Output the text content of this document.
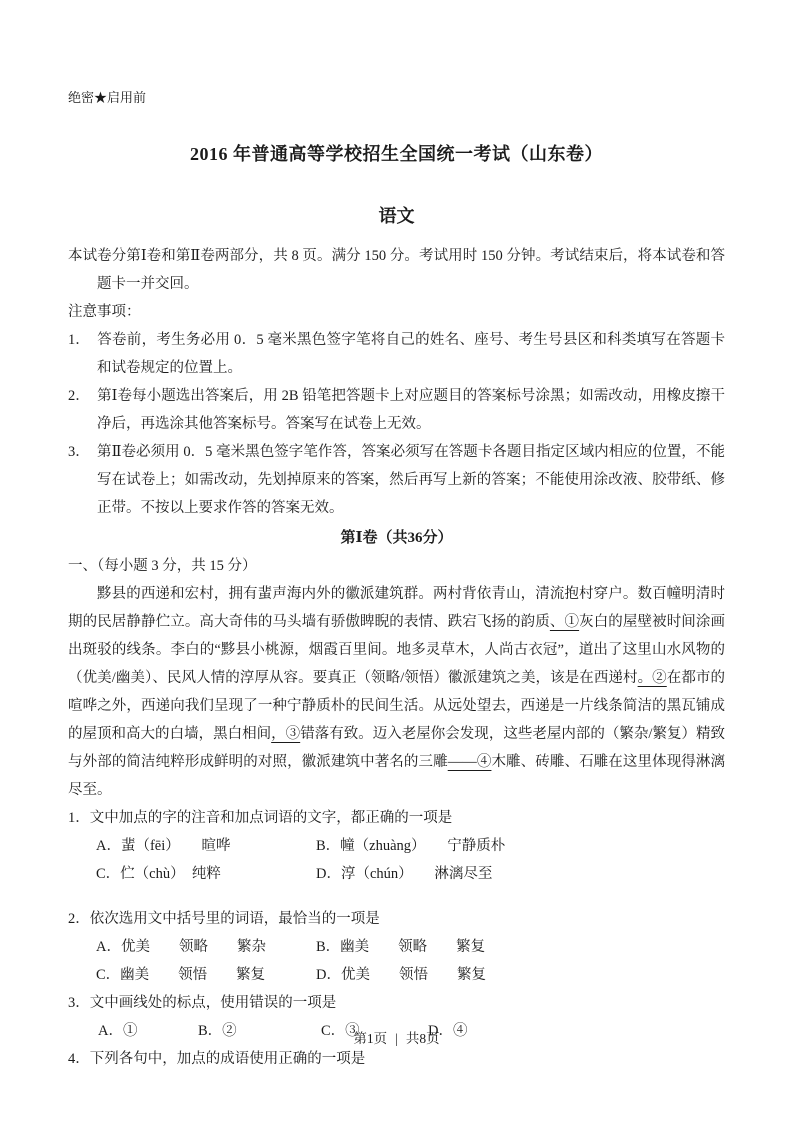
绝密★启用前
2016 年普通高等学校招生全国统一考试（山东卷）
语文

本试卷分第Ⅰ卷和第Ⅱ卷两部分，共 8 页。满分 150 分。考试用时 150 分钟。考试结束后，将本试卷和答题卡一并交回。

注意事项：

1． 答卷前，考生务必用 0．5 毫米黑色签字笔将自己的姓名、座号、考生号县区和科类填写在答题卡和试卷规定的位置上。

2． 第Ⅰ卷每小题选出答案后，用 2B 铅笔把答题卡上对应题目的答案标号涂黑；如需改动，用橡皮擦干净后，再选涂其他答案标号。答案写在试卷上无效。

3． 第Ⅱ卷必须用 0．5 毫米黑色签字笔作答，答案必须写在答题卡各题目指定区域内相应的位置，不能写在试卷上；如需改动，先划掉原来的答案，然后再写上新的答案；不能使用涂改液、胶带纸、修正带。不按以上要求作答的答案无效。

第Ⅰ卷（共36分）

一、（每小题 3 分，共 15 分）

黟县的西递和宏村，拥有蜚声海内外的徽派建筑群。两村背依青山，清流抱村穿户。数百幢明清时期的民居静静伫立。高大奇伟的马头墙有骄傲睥睨的表情、跌宕飞扬的韵质、①灰白的屋壁被时间涂画出斑驳的线条。李白的“黟县小桃源，烟霞百里间。地多灵草木，人尚古衣冠”，道出了这里山水风物的（优美/幽美）、民风人情的淳厚从容。要真正（领略/领悟）徽派建筑之美，该是在西递村。②在都市的喧哗之外，西递向我们呈现了一种宁静质朴的民间生活。从远处望去，西递是一片线条简洁的黑瓦铺成的屋顶和高大的白墙，黑白相间，③错落有致。迈入老屋你会发现，这些老屋内部的（繁杂/繁复）精致与外部的简洁纯粹形成鲜明的对照，徽派建筑中著名的三雕——④木雕、砖雕、石雕在这里体现得淋漓尽至。

1．文中加点的字的注音和加点词语的文字，都正确的一项是

A．蜚（fēi）　　暄哗	B．幢（zhuàng）　　宁静质朴
C．伫（chù）　纯粹	D．淳（chún）　　淋漓尽至

2．依次选用文中括号里的词语，最恰当的一项是

A．优美　　领略　　繁杂	B．幽美　　领略　　繁复
C．幽美　　领悟　　繁复	D．优美　　领悟　　繁复

3．文中画线处的标点，使用错误的一项是

A．①	B．②	C．③	D．④

4．下列各句中，加点的成语使用正确的一项是

第1页 | 共8页
